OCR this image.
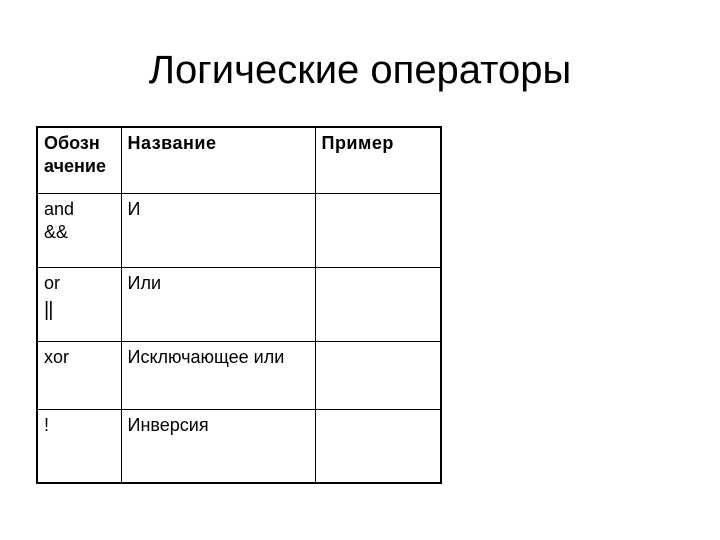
Логические операторы
Обозн ачение	Название	Пример

and
&&	И	

or
||	Или	

xor	Исключающее или	

!	Инверсия	
